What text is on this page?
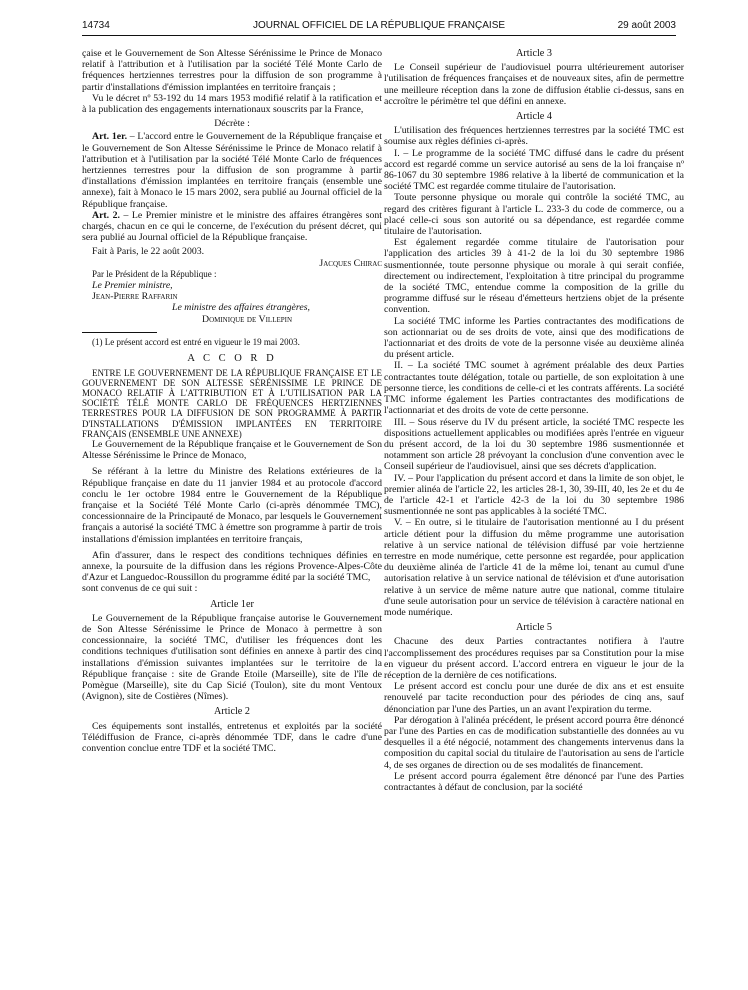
14734	JOURNAL OFFICIEL DE LA RÉPUBLIQUE FRANÇAISE	29 août 2003

çaise et le Gouvernement de Son Altesse Sérénissime le Prince de Monaco relatif à l'attribution et à l'utilisation par la société Télé Monte Carlo de fréquences hertziennes terrestres pour la diffusion de son programme à partir d'installations d'émission implantées en territoire français ;

Vu le décret nº 53-192 du 14 mars 1953 modifié relatif à la ratification et à la publication des engagements internationaux souscrits par la France,

Décrète :

Art. 1er. – L'accord entre le Gouvernement de la République française et le Gouvernement de Son Altesse Sérénissime le Prince de Monaco relatif à l'attribution et à l'utilisation par la société Télé Monte Carlo de fréquences hertziennes terrestres pour la diffusion de son programme à partir d'installations d'émission implantées en territoire français (ensemble une annexe), fait à Monaco le 15 mars 2002, sera publié au Journal officiel de la République française.

Art. 2. – Le Premier ministre et le ministre des affaires étrangères sont chargés, chacun en ce qui le concerne, de l'exécution du présent décret, qui sera publié au Journal officiel de la République française.

Fait à Paris, le 22 août 2003.

Jacques Chirac

Par le Président de la République :

Le Premier ministre,

Jean-Pierre Raffarin

Le ministre des affaires étrangères,

Dominique de Villepin

(1) Le présent accord est entré en vigueur le 19 mai 2003.

A C C O R D

ENTRE LE GOUVERNEMENT DE LA RÉPUBLIQUE FRANÇAISE ET LE GOUVERNEMENT DE SON ALTESSE SÉRÉNISSIME LE PRINCE DE MONACO RELATIF À L'ATTRIBUTION ET À L'UTILISATION PAR LA SOCIÉTÉ TÉLÉ MONTE CARLO DE FRÉQUENCES HERTZIENNES TERRESTRES POUR LA DIFFUSION DE SON PROGRAMME À PARTIR D'INSTALLATIONS D'ÉMISSION IMPLANTÉES EN TERRITOIRE FRANÇAIS (ENSEMBLE UNE ANNEXE)

Le Gouvernement de la République française et le Gouvernement de Son Altesse Sérénissime le Prince de Monaco,

Se référant à la lettre du Ministre des Relations extérieures de la République française en date du 11 janvier 1984 et au protocole d'accord conclu le 1er octobre 1984 entre le Gouvernement de la République française et la Société Télé Monte Carlo (ci-après dénommée TMC), concessionnaire de la Principauté de Monaco, par lesquels le Gouvernement français a autorisé la société TMC à émettre son programme à partir de trois installations d'émission implantées en territoire français,

Afin d'assurer, dans le respect des conditions techniques définies en annexe, la poursuite de la diffusion dans les régions Provence-Alpes-Côte d'Azur et Languedoc-Roussillon du programme édité par la société TMC,

sont convenus de ce qui suit :

Article 1er

Le Gouvernement de la République française autorise le Gouvernement de Son Altesse Sérénissime le Prince de Monaco à permettre à son concessionnaire, la société TMC, d'utiliser les fréquences dont les conditions techniques d'utilisation sont définies en annexe à partir des cinq installations d'émission suivantes implantées sur le territoire de la République française : site de Grande Etoile (Marseille), site de l'île de Pomègue (Marseille), site du Cap Sicié (Toulon), site du mont Ventoux (Avignon), site de Costières (Nîmes).

Article 2

Ces équipements sont installés, entretenus et exploités par la société Télédiffusion de France, ci-après dénommée TDF, dans le cadre d'une convention conclue entre TDF et la société TMC.

Article 3

Le Conseil supérieur de l'audiovisuel pourra ultérieurement autoriser l'utilisation de fréquences françaises et de nouveaux sites, afin de permettre une meilleure réception dans la zone de diffusion établie ci-dessus, sans en accroître le périmètre tel que défini en annexe.

Article 4

L'utilisation des fréquences hertziennes terrestres par la société TMC est soumise aux règles définies ci-après.

I. – Le programme de la société TMC diffusé dans le cadre du présent accord est regardé comme un service autorisé au sens de la loi française nº 86-1067 du 30 septembre 1986 relative à la liberté de communication et la société TMC est regardée comme titulaire de l'autorisation.

Toute personne physique ou morale qui contrôle la société TMC, au regard des critères figurant à l'article L. 233-3 du code de commerce, ou a placé celle-ci sous son autorité ou sa dépendance, est regardée comme titulaire de l'autorisation.

Est également regardée comme titulaire de l'autorisation pour l'application des articles 39 à 41-2 de la loi du 30 septembre 1986 susmentionnée, toute personne physique ou morale à qui serait confiée, directement ou indirectement, l'exploitation à titre principal du programme de la société TMC, entendue comme la composition de la grille du programme diffusé sur le réseau d'émetteurs hertziens objet de la présente convention.

La société TMC informe les Parties contractantes des modifications de son actionnariat ou de ses droits de vote, ainsi que des modifications de l'actionnariat et des droits de vote de la personne visée au deuxième alinéa du présent article.

II. – La société TMC soumet à agrément préalable des deux Parties contractantes toute délégation, totale ou partielle, de son exploitation à une personne tierce, les conditions de celle-ci et les contrats afférents. La société TMC informe également les Parties contractantes des modifications de l'actionnariat et des droits de vote de cette personne.

III. – Sous réserve du IV du présent article, la société TMC respecte les dispositions actuellement applicables ou modifiées après l'entrée en vigueur du présent accord, de la loi du 30 septembre 1986 susmentionnée et notamment son article 28 prévoyant la conclusion d'une convention avec le Conseil supérieur de l'audiovisuel, ainsi que ses décrets d'application.

IV. – Pour l'application du présent accord et dans la limite de son objet, le premier alinéa de l'article 22, les articles 28-1, 30, 39-III, 40, les 2e et du 4e de l'article 42-1 et l'article 42-3 de la loi du 30 septembre 1986 susmentionnée ne sont pas applicables à la société TMC.

V. – En outre, si le titulaire de l'autorisation mentionné au I du présent article détient pour la diffusion du même programme une autorisation relative à un service national de télévision diffusé par voie hertzienne terrestre en mode numérique, cette personne est regardée, pour application du deuxième alinéa de l'article 41 de la même loi, tenant au cumul d'une autorisation relative à un service national de télévision et d'une autorisation relative à un service de même nature autre que national, comme titulaire d'une seule autorisation pour un service de télévision à caractère national en mode numérique.

Article 5

Chacune des deux Parties contractantes notifiera à l'autre l'accomplissement des procédures requises par sa Constitution pour la mise en vigueur du présent accord. L'accord entrera en vigueur le jour de la réception de la dernière de ces notifications.

Le présent accord est conclu pour une durée de dix ans et est ensuite renouvelé par tacite reconduction pour des périodes de cinq ans, sauf dénonciation par l'une des Parties, un an avant l'expiration du terme.

Par dérogation à l'alinéa précédent, le présent accord pourra être dénoncé par l'une des Parties en cas de modification substantielle des données au vu desquelles il a été négocié, notamment des changements intervenus dans la composition du capital social du titulaire de l'autorisation au sens de l'article 4, de ses organes de direction ou de ses modalités de financement.

Le présent accord pourra également être dénoncé par l'une des Parties contractantes à défaut de conclusion, par la société
